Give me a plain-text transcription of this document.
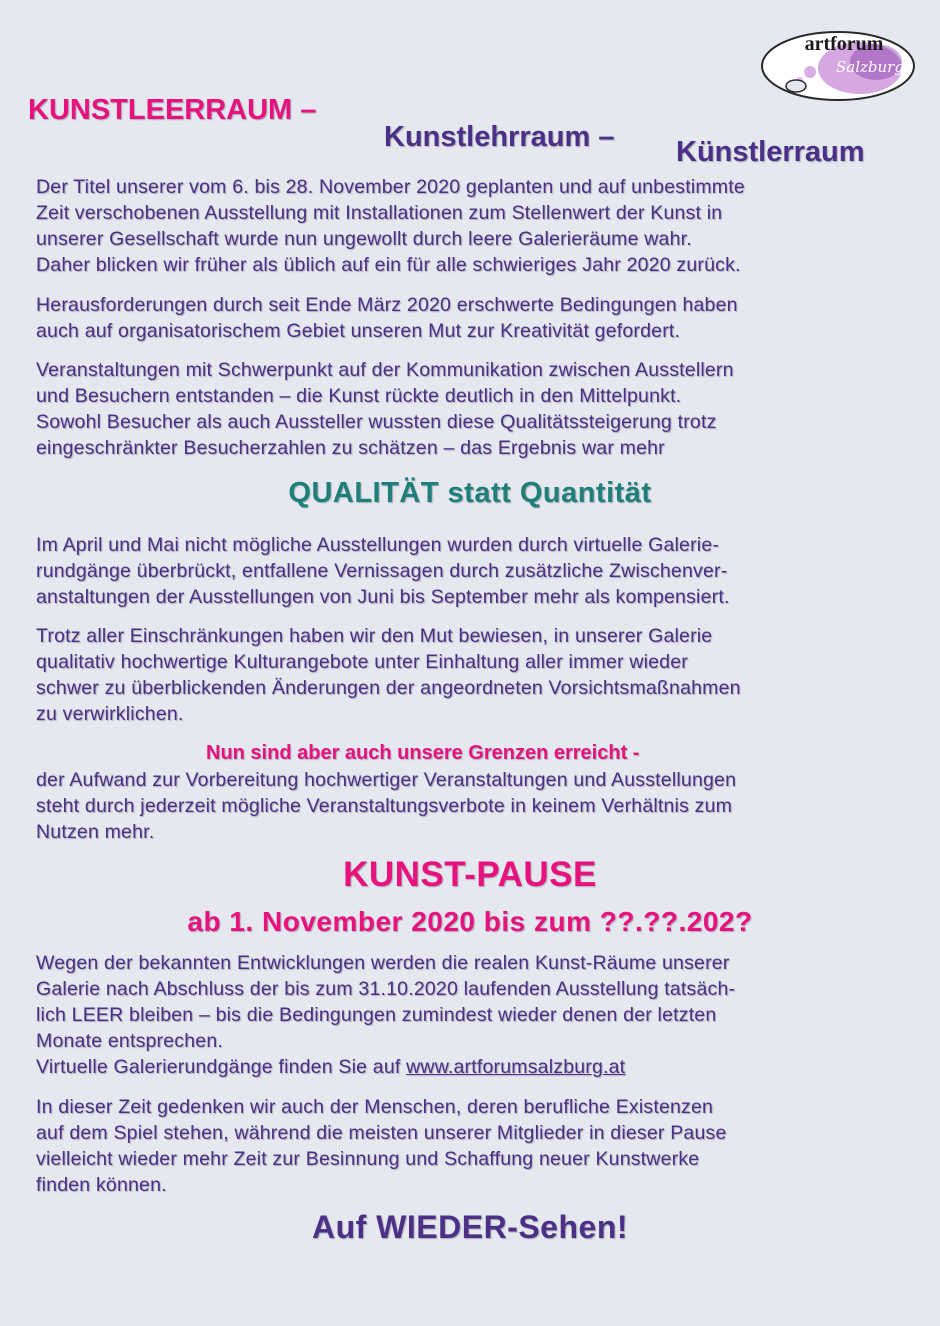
artforum
Salzburg
KUNSTLEERRAUM –
Kunstlehrraum – Künstlerraum
Der Titel unserer vom 6. bis 28. November 2020 geplanten und auf unbestimmte
Zeit verschobenen Ausstellung mit Installationen zum Stellenwert der Kunst in
unserer Gesellschaft wurde nun ungewollt durch leere Galerieräume wahr.
Daher blicken wir früher als üblich auf ein für alle schwieriges Jahr 2020 zurück.
Herausforderungen durch seit Ende März 2020 erschwerte Bedingungen haben
auch auf organisatorischem Gebiet unseren Mut zur Kreativität gefordert.
Veranstaltungen mit Schwerpunkt auf der Kommunikation zwischen Ausstellern
und Besuchern entstanden – die Kunst rückte deutlich in den Mittelpunkt.
Sowohl Besucher als auch Aussteller wussten diese Qualitätssteigerung trotz
eingeschränkter Besucherzahlen zu schätzen – das Ergebnis war mehr
QUALITÄT statt Quantität
Im April und Mai nicht mögliche Ausstellungen wurden durch virtuelle Galerie-
rundgänge überbrückt, entfallene Vernissagen durch zusätzliche Zwischenver-
anstaltungen der Ausstellungen von Juni bis September mehr als kompensiert.
Trotz aller Einschränkungen haben wir den Mut bewiesen, in unserer Galerie
qualitativ hochwertige Kulturangebote unter Einhaltung aller immer wieder
schwer zu überblickenden Änderungen der angeordneten Vorsichtsmaßnahmen
zu verwirklichen.
Nun sind aber auch unsere Grenzen erreicht -
der Aufwand zur Vorbereitung hochwertiger Veranstaltungen und Ausstellungen
steht durch jederzeit mögliche Veranstaltungsverbote in keinem Verhältnis zum
Nutzen mehr.
KUNST-PAUSE
ab 1. November 2020 bis zum ??.??.202?
Wegen der bekannten Entwicklungen werden die realen Kunst-Räume unserer
Galerie nach Abschluss der bis zum 31.10.2020 laufenden Ausstellung tatsäch-
lich LEER bleiben – bis die Bedingungen zumindest wieder denen der letzten
Monate entsprechen.
Virtuelle Galerierundgänge finden Sie auf www.artforumsalzburg.at
In dieser Zeit gedenken wir auch der Menschen, deren berufliche Existenzen
auf dem Spiel stehen, während die meisten unserer Mitglieder in dieser Pause
vielleicht wieder mehr Zeit zur Besinnung und Schaffung neuer Kunstwerke
finden können.
Auf WIEDER-Sehen!
